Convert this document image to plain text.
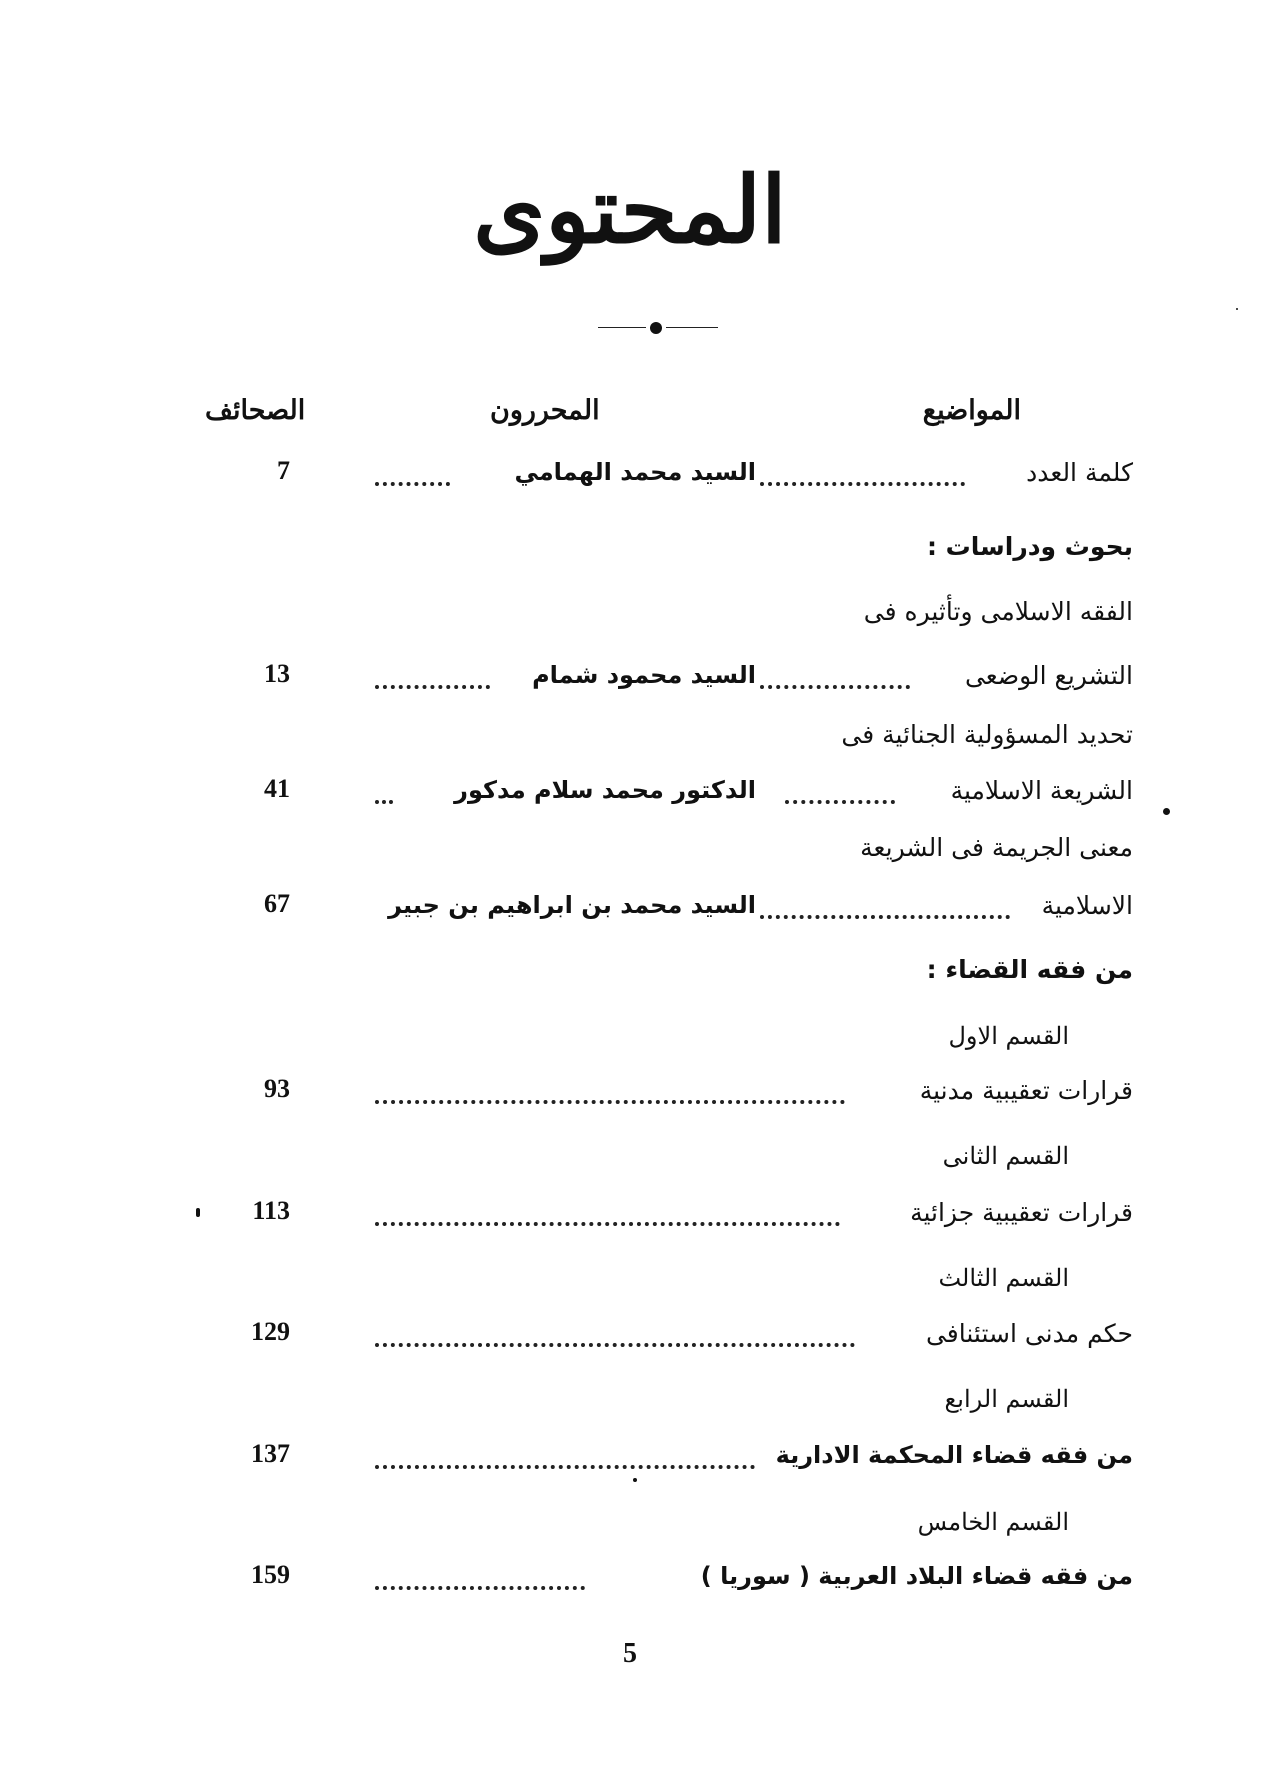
المحتوى
المواضيع
المحررون
الصحائف
كلمة العدد
السيد محمد الهمامي
7
بحوث ودراسات :
الفقه الاسلامى وتأثيره فى
التشريع الوضعى
السيد محمود شمام
13
تحديد المسؤولية الجنائية فى
الشريعة الاسلامية
الدكتور محمد سلام مدكور
41
معنى الجريمة فى الشريعة
الاسلامية
السيد محمد بن ابراهيم بن جبير
67
من فقه القضاء :
القسم الاول
قرارات تعقيبية مدنية
93
القسم الثانى
قرارات تعقيبية جزائية
113
القسم الثالث
حكم مدنى استئنافى
129
القسم الرابع
من فقه قضاء المحكمة الادارية
137
القسم الخامس
من فقه قضاء البلاد العربية ( سوريا )
159
5
